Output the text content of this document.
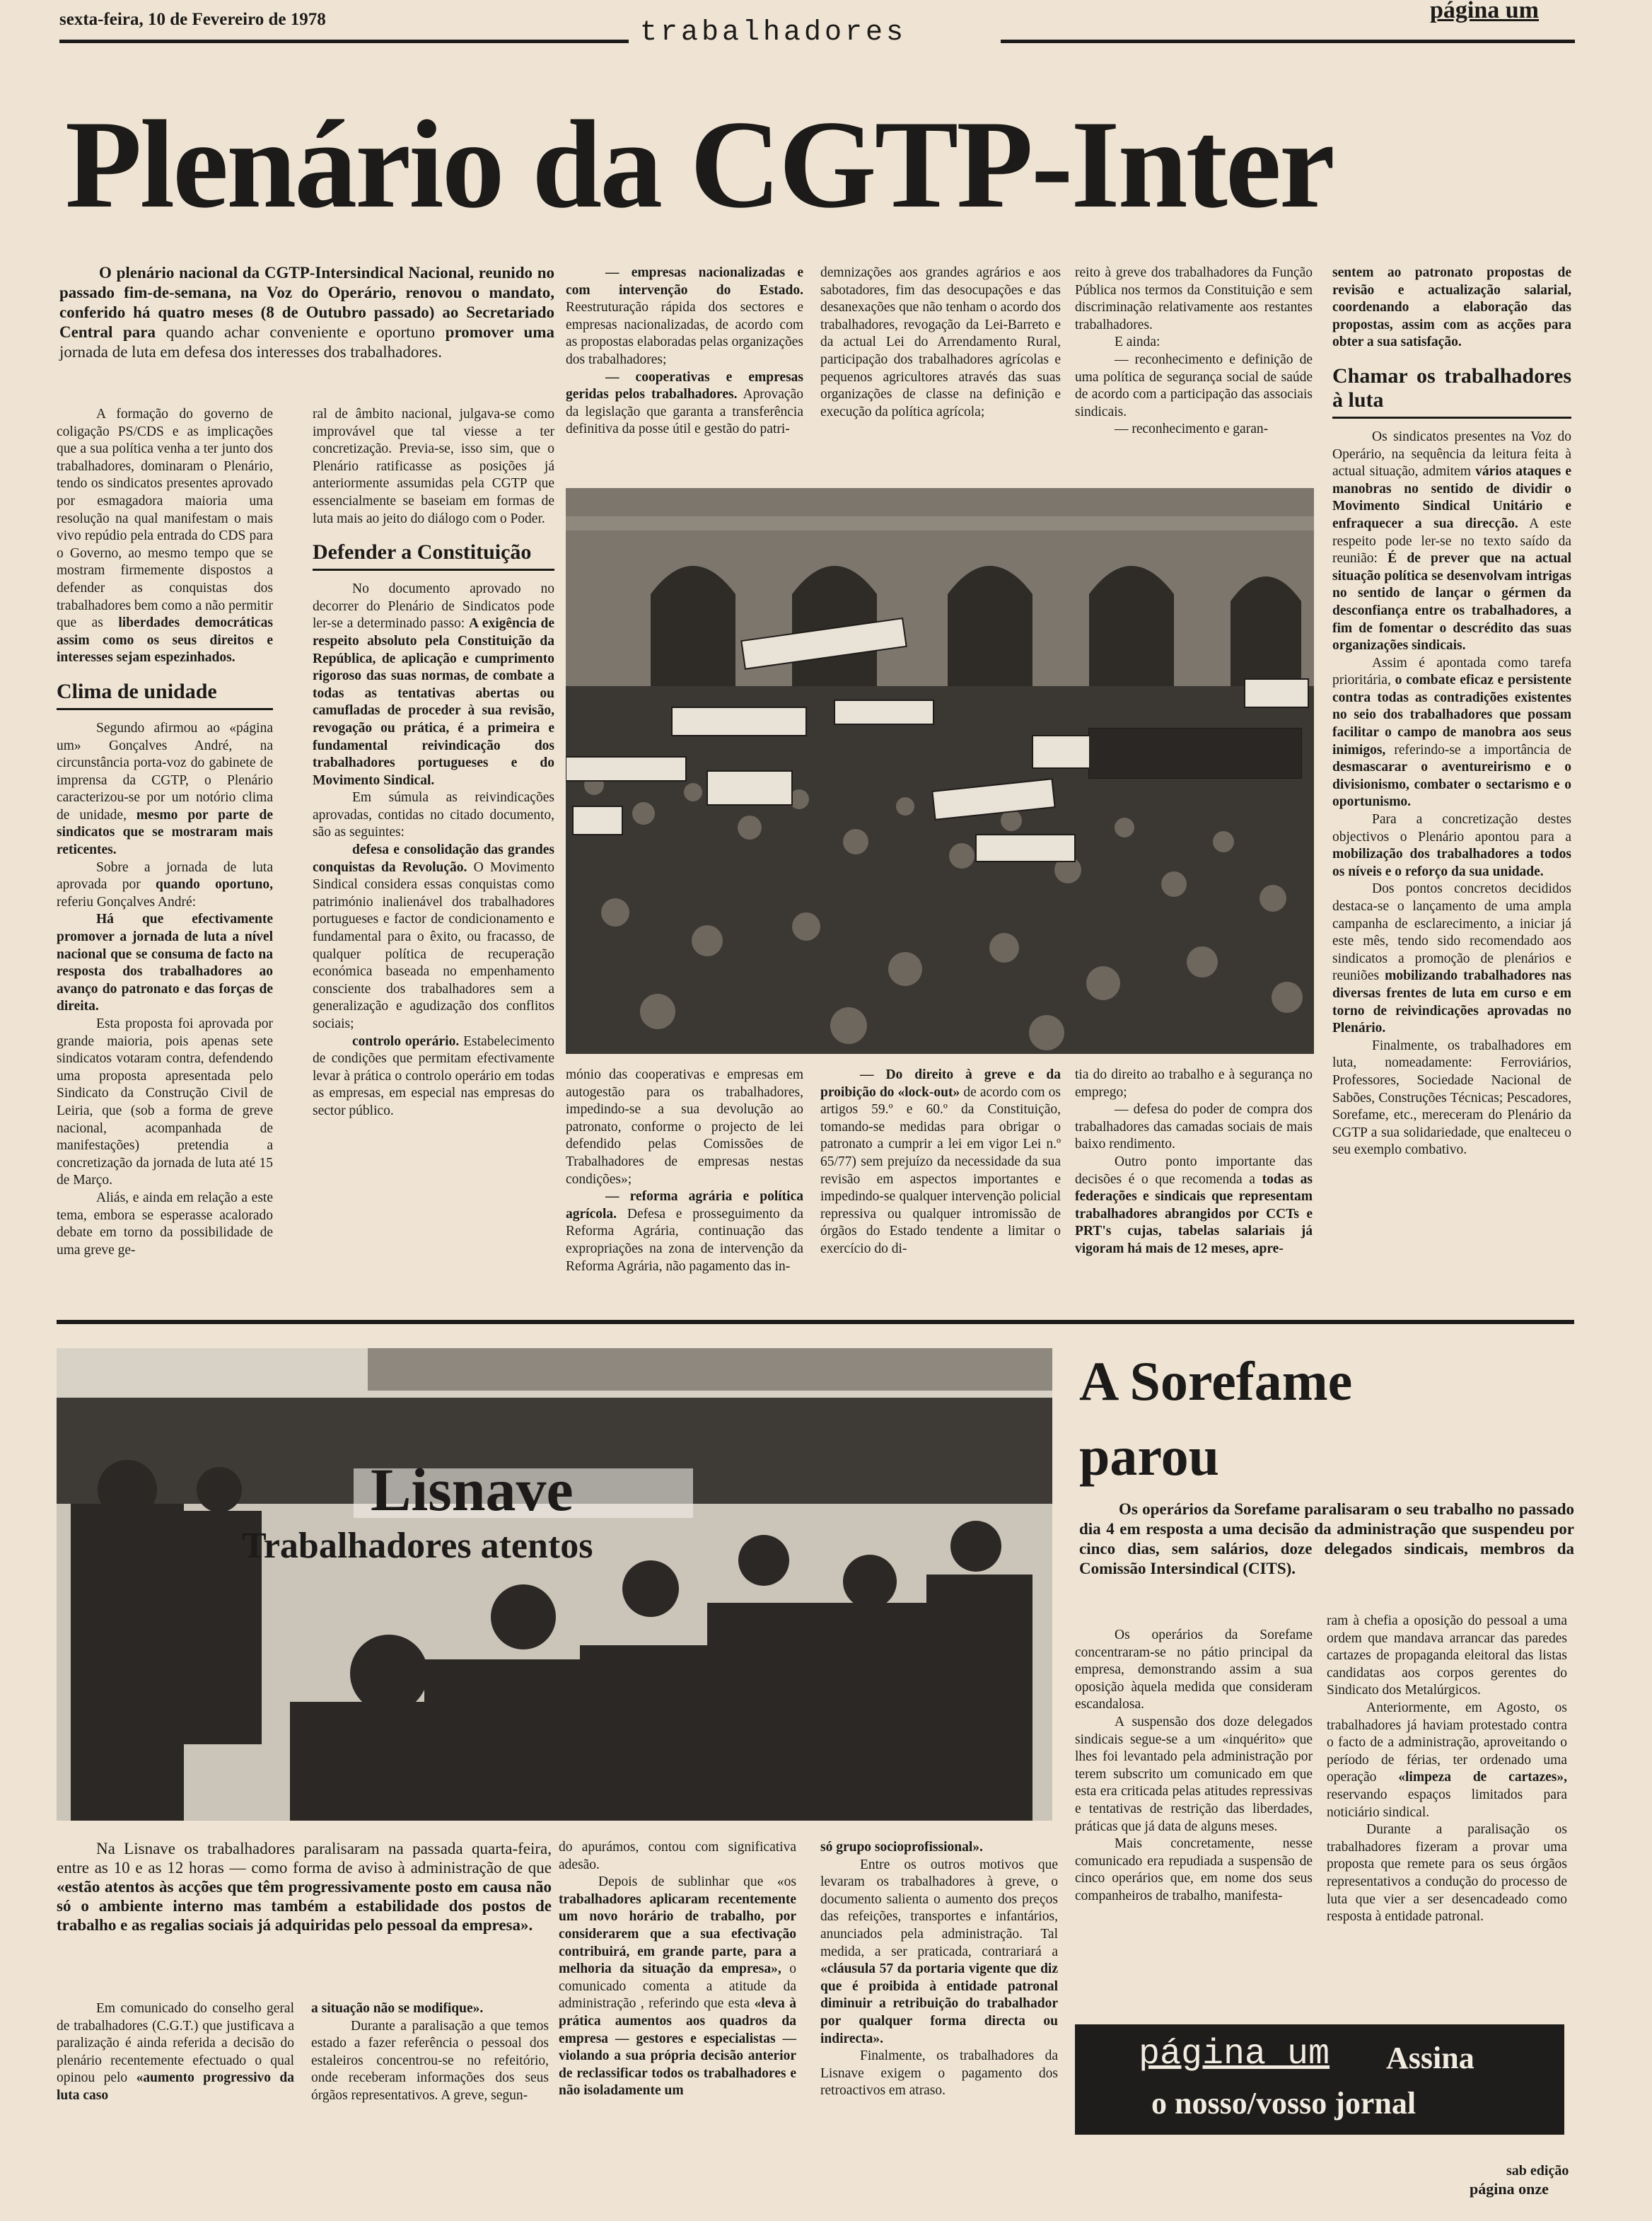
sexta-feira, 10 de Fevereiro de 1978	trabalhadores
página um
Plenário da CGTP-Inter

O plenário nacional da CGTP-Intersindical Nacional, reunido no passado fim-de-semana, na Voz do Operário, renovou o mandato, conferido há quatro meses (8 de Outubro passado) ao Secretariado Central para quando achar conveniente e oportuno promover uma jornada de luta em defesa dos interesses dos trabalhadores.

A formação do governo de coligação PS/CDS e as implicações que a sua política venha a ter junto dos trabalhadores, dominaram o Plenário, tendo os sindicatos presentes aprovado por esmagadora maioria uma resolução na qual manifestam o mais vivo repúdio pela entrada do CDS para o Governo, ao mesmo tempo que se mostram firmemente dispostos a defender as conquistas dos trabalhadores bem como a não permitir que as liberdades democráticas assim como os seus direitos e interesses sejam espezinhados.

Clima de unidade

Segundo afirmou ao «página um» Gonçalves André, na circunstância porta-voz do gabinete de imprensa da CGTP, o Plenário caracterizou-se por um notório clima de unidade, mesmo por parte de sindicatos que se mostraram mais reticentes.

Sobre a jornada de luta aprovada por quando oportuno, referiu Gonçalves André:

Há que efectivamente promover a jornada de luta a nível nacional que se consuma de facto na resposta dos trabalhadores ao avanço do patronato e das forças de direita.

Esta proposta foi aprovada por grande maioria, pois apenas sete sindicatos votaram contra, defendendo uma proposta apresentada pelo Sindicato da Construção Civil de Leiria, que (sob a forma de greve nacional, acompanhada de manifestações) pretendia a concretização da jornada de luta até 15 de Março.

Aliás, e ainda em relação a este tema, embora se esperasse acalorado debate em torno da possibilidade de uma greve ge-

ral de âmbito nacional, julgava-se como improvável que tal viesse a ter concretização. Previa-se, isso sim, que o Plenário ratificasse as posições já anteriormente assumidas pela CGTP que essencialmente se baseiam em formas de luta mais ao jeito do diálogo com o Poder.

Defender a Constituição

No documento aprovado no decorrer do Plenário de Sindicatos pode ler-se a determinado passo: A exigência de respeito absoluto pela Constituição da República, de aplicação e cumprimento rigoroso das suas normas, de combate a todas as tentativas abertas ou camufladas de proceder à sua revisão, revogação ou prática, é a primeira e fundamental reivindicação dos trabalhadores portugueses e do Movimento Sindical.

Em súmula as reivindicações aprovadas, contidas no citado documento, são as seguintes:

defesa e consolidação das grandes conquistas da Revolução. O Movimento Sindical considera essas conquistas como património inalienável dos trabalhadores portugueses e factor de condicionamento e fundamental para o êxito, ou fracasso, de qualquer política de recuperação económica baseada no empenhamento consciente dos trabalhadores sem a generalização e agudização dos conflitos sociais;

controlo operário. Estabelecimento de condições que permitam efectivamente levar à prática o controlo operário em todas as empresas, em especial nas empresas do sector público.

— empresas nacionalizadas e com intervenção do Estado. Reestruturação rápida dos sectores e empresas nacionalizadas, de acordo com as propostas elaboradas pelas organizações dos trabalhadores;

— cooperativas e empresas geridas pelos trabalhadores. Aprovação da legislação que garanta a transferência definitiva da posse útil e gestão do patri-

demnizações aos grandes agrários e aos sabotadores, fim das desocupações e das desanexações que não tenham o acordo dos trabalhadores, revogação da Lei-Barreto e da actual Lei do Arrendamento Rural, participação dos trabalhadores agrícolas e pequenos agricultores através das suas organizações de classe na definição e execução da política agrícola;

reito à greve dos trabalhadores da Função Pública nos termos da Constituição e sem discriminação relativamente aos restantes trabalhadores.

E ainda:

— reconhecimento e definição de uma política de segurança social de saúde de acordo com a participação das associais sindicais.

— reconhecimento e garan-

mónio das cooperativas e empresas em autogestão para os trabalhadores, impedindo-se a sua devolução ao patronato, conforme o projecto de lei defendido pelas Comissões de Trabalhadores de empresas nestas condições»;

— reforma agrária e política agrícola. Defesa e prosseguimento da Reforma Agrária, continuação das expropriações na zona de intervenção da Reforma Agrária, não pagamento das in-

— Do direito à greve e da proibição do «lock-out» de acordo com os artigos 59.º e 60.º da Constituição, tomando-se medidas para obrigar o patronato a cumprir a lei em vigor Lei n.º 65/77) sem prejuízo da necessidade da sua revisão em aspectos importantes e impedindo-se qualquer intervenção policial repressiva ou qualquer intromissão de órgãos do Estado tendente a limitar o exercício do di-

tia do direito ao trabalho e à segurança no emprego;

— defesa do poder de compra dos trabalhadores das camadas sociais de mais baixo rendimento.

Outro ponto importante das decisões é o que recomenda a todas as federações e sindicais que representam trabalhadores abrangidos por CCTs e PRT's cujas, tabelas salariais já vigoram há mais de 12 meses, apre-

sentem ao patronato propostas de revisão e actualização salarial, coordenando a elaboração das propostas, assim com as acções para obter a sua satisfação.

Chamar os trabalhadores à luta

Os sindicatos presentes na Voz do Operário, na sequência da leitura feita à actual situação, admitem vários ataques e manobras no sentido de dividir o Movimento Sindical Unitário e enfraquecer a sua direcção. A este respeito pode ler-se no texto saído da reunião: É de prever que na actual situação política se desenvolvam intrigas no sentido de lançar o gérmen da desconfiança entre os trabalhadores, a fim de fomentar o descrédito das suas organizações sindicais.

Assim é apontada como tarefa prioritária, o combate eficaz e persistente contra todas as contradições existentes no seio dos trabalhadores que possam facilitar o campo de manobra aos seus inimigos, referindo-se a importância de desmascarar o aventureirismo e o divisionismo, combater o sectarismo e o oportunismo.

Para a concretização destes objectivos o Plenário apontou para a mobilização dos trabalhadores a todos os níveis e o reforço da sua unidade.

Dos pontos concretos decididos destaca-se o lançamento de uma ampla campanha de esclarecimento, a iniciar já este mês, tendo sido recomendado aos sindicatos a promoção de plenários e reuniões mobilizando trabalhadores nas diversas frentes de luta em curso e em torno de reivindicações aprovadas no Plenário.

Finalmente, os trabalhadores em luta, nomeadamente: Ferroviários, Professores, Sociedade Nacional de Sabões, Construções Técnicas; Pescadores, Sorefame, etc., mereceram do Plenário da CGTP a sua solidariedade, que enalteceu o seu exemplo combativo.

Lisnave
Trabalhadores atentos

Na Lisnave os trabalhadores paralisaram na passada quarta-feira, entre as 10 e as 12 horas — como forma de aviso à administração de que «estão atentos às acções que têm progressivamente posto em causa não só o ambiente interno mas também a estabilidade dos postos de trabalho e as regalias sociais já adquiridas pelo pessoal da empresa».

Em comunicado do conselho geral de trabalhadores (C.G.T.) que justificava a paralização é ainda referida a decisão do plenário recentemente efectuado o qual opinou pelo «aumento progressivo da luta caso

a situação não se modifique».

Durante a paralisação a que temos estado a fazer referência o pessoal dos estaleiros concentrou-se no refeitório, onde receberam informações dos seus órgãos representativos. A greve, segun-

do apurámos, contou com significativa adesão.

Depois de sublinhar que «os trabalhadores aplicaram recentemente um novo horário de trabalho, por considerarem que a sua efectivação contribuirá, em grande parte, para a melhoria da situação da empresa», o comunicado comenta a atitude da administração , referindo que esta «leva à prática aumentos aos quadros da empresa — gestores e especialistas — violando a sua própria decisão anterior de reclassificar todos os trabalhadores e não isoladamente um

só grupo socioprofissional».

Entre os outros motivos que levaram os trabalhadores à greve, o documento salienta o aumento dos preços das refeições, transportes e infantários, anunciados pela administração. Tal medida, a ser praticada, contrariará a «cláusula 57 da portaria vigente que diz que é proibida à entidade patronal diminuir a retribuição do trabalhador por qualquer forma directa ou indirecta».

Finalmente, os trabalhadores da Lisnave exigem o pagamento dos retroactivos em atraso.

A Sorefame parou

Os operários da Sorefame paralisaram o seu trabalho no passado dia 4 em resposta a uma decisão da administração que suspendeu por cinco dias, sem salários, doze delegados sindicais, membros da Comissão Intersindical (CITS).

Os operários da Sorefame concentraram-se no pátio principal da empresa, demonstrando assim a sua oposição àquela medida que consideram escandalosa.

A suspensão dos doze delegados sindicais segue-se a um «inquérito» que lhes foi levantado pela administração por terem subscrito um comunicado em que esta era criticada pelas atitudes repressivas e tentativas de restrição das liberdades, práticas que já data de alguns meses.

Mais concretamente, nesse comunicado era repudiada a suspensão de cinco operários que, em nome dos seus companheiros de trabalho, manifesta-

ram à chefia a oposição do pessoal a uma ordem que mandava arrancar das paredes cartazes de propaganda eleitoral das listas candidatas aos corpos gerentes do Sindicato dos Metalúrgicos.

Anteriormente, em Agosto, os trabalhadores já haviam protestado contra o facto de a administração, aproveitando o período de férias, ter ordenado uma operação «limpeza de cartazes», reservando espaços limitados para noticiário sindical.

Durante a paralisação os trabalhadores fizeram a provar uma proposta que remete para os seus órgãos representativos a condução do processo de luta que vier a ser desencadeado como resposta à entidade patronal.

página um Assina
o nosso/vosso jornal
sab edição
página onze
